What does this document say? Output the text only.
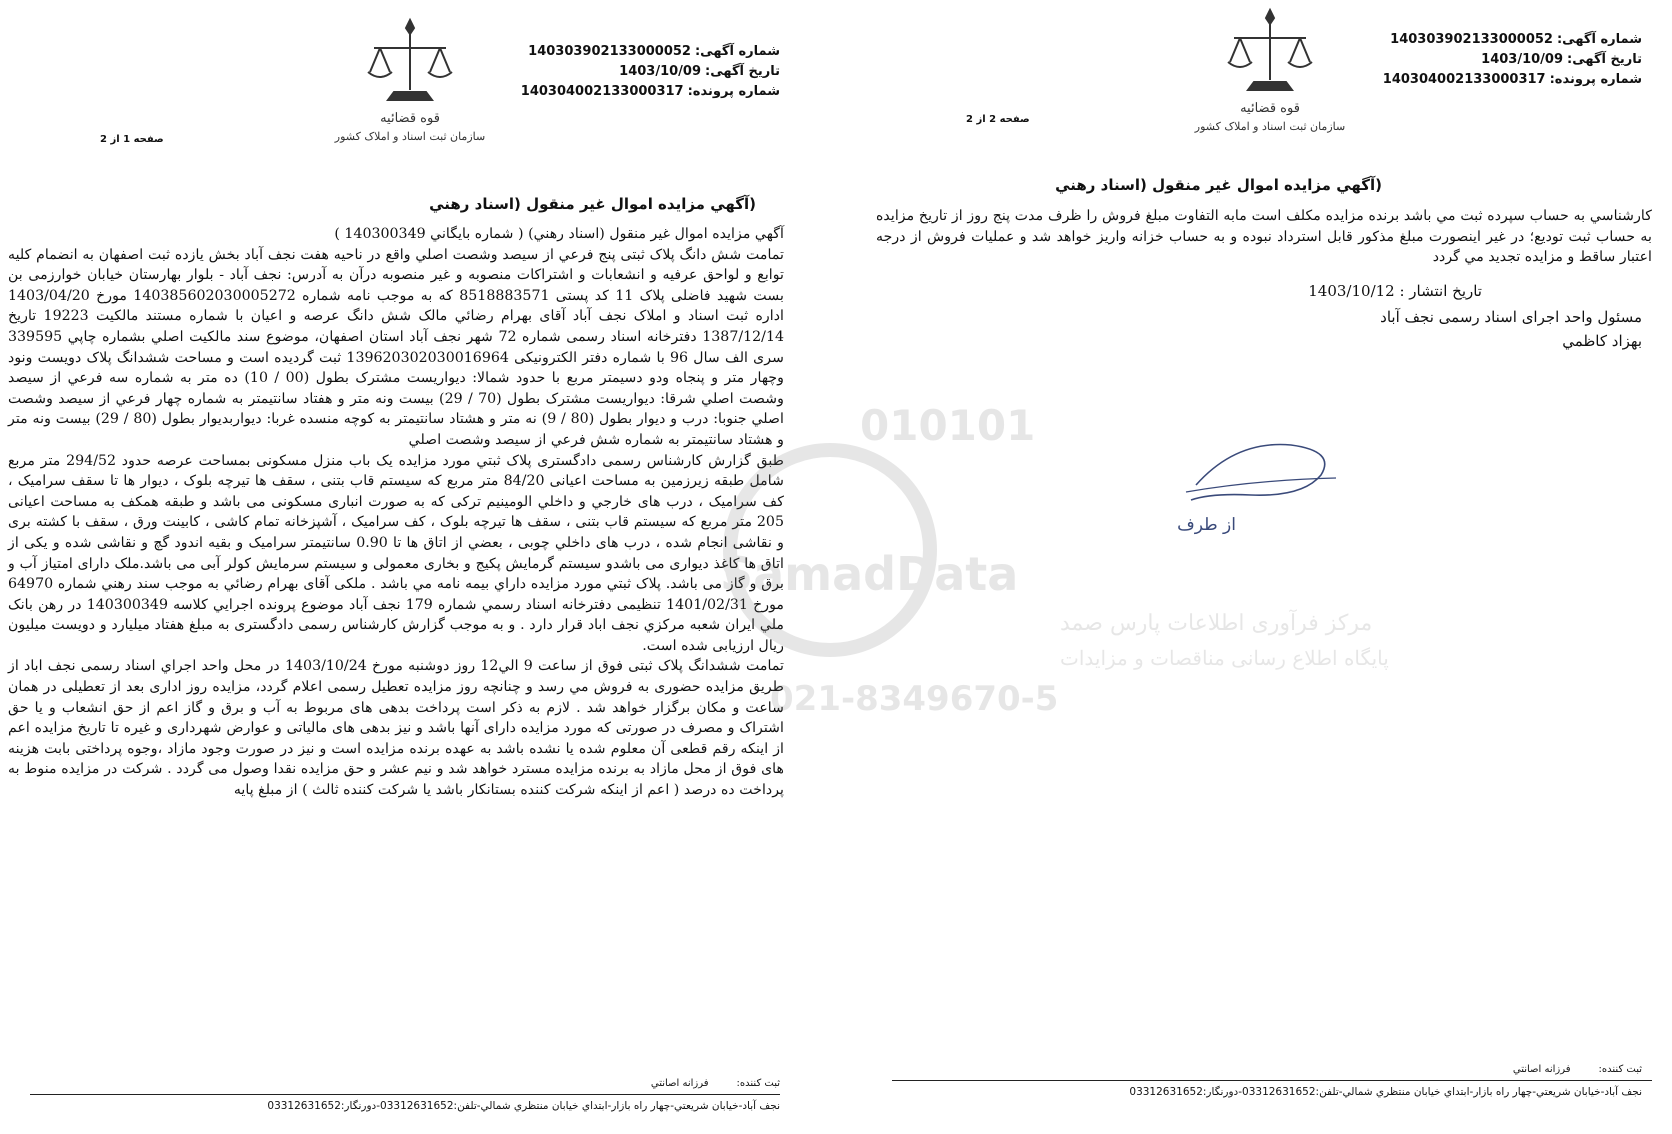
شماره آگهی:140303902133000052
تاریخ آگهی:1403/10/09
شماره پرونده:140304002133000317
قوه قضائيه
سازمان ثبت اسناد و املاک کشور
صفحه 1 از 2
(آگهي مزايده اموال غير منقول (اسناد رهني

آگهي مزايده اموال غير منقول (اسناد رهني) ( شماره بايگاني 140300349 )

تمامت شش دانگ پلاک ثبتی پنج فرعي از سيصد وشصت اصلي واقع در ناحيه هفت نجف آباد بخش يازده ثبت اصفهان به انضمام کليه توابع و لواحق عرفيه و انشعابات و اشتراکات منصوبه و غير منصوبه درآن به آدرس: نجف آباد - بلوار بهارستان خيابان خوارزمی بن بست شهيد فاضلی پلاک 11 کد پستی 8518883571 که به موجب نامه شماره 140385602030005272 مورخ 1403/04/20 اداره ثبت اسناد و املاک نجف آباد آقای بهرام رضائي مالک شش دانگ عرصه و اعيان با شماره مستند مالکيت 19223 تاريخ 1387/12/14 دفترخانه اسناد رسمی شماره 72 شهر نجف آباد استان اصفهان، موضوع سند مالکيت اصلي بشماره چاپي 339595 سری الف سال 96 با شماره دفتر الکترونيکی 139620302030016964 ثبت گرديده است و مساحت ششدانگ پلاک دويست ونود وچهار متر و پنجاه ودو دسيمتر مربع با حدود شمالا: ديواريست مشترک بطول (00 / 10) ده متر به شماره سه فرعي از سيصد وشصت اصلي شرقا: ديواريست مشترک بطول (70 / 29) بيست ونه متر و هفتاد سانتيمتر به شماره چهار فرعي از سيصد وشصت اصلي جنوبا: درب و ديوار بطول (80 / 9) نه متر و هشتاد سانتيمتر به کوچه منسده غربا: ديواربديوار بطول (80 / 29) بيست ونه متر و هشتاد سانتيمتر به شماره شش فرعي از سيصد وشصت اصلي

طبق گزارش کارشناس رسمی دادگستری پلاک ثبتي مورد مزايده يک باب منزل مسکونی بمساحت عرصه حدود 294/52 متر مربع شامل طبقه زيرزمين به مساحت اعيانی 84/20 متر مربع که سيستم قاب بتنی ، سقف ها تيرچه بلوک ، ديوار ها تا سقف سراميک ، کف سراميک ، درب های خارجي و داخلي الومينيم ترکی که به صورت انباری مسکونی می باشد و طبقه همکف به مساحت اعيانی 205 متر مربع که سيستم قاب بتنی ، سقف ها تيرچه بلوک ، کف سراميک ، آشپزخانه تمام کاشی ، کابينت ورق ، سقف با کشته بری و نقاشی انجام شده ، درب های داخلي چوبی ، بعضي از اتاق ها تا 0.90 سانتيمتر سراميک و بقيه اندود گچ و نقاشی شده و يکی از اتاق ها کاغذ ديواری می باشدو سيستم گرمايش پکيج و بخاری معمولی و سيستم سرمايش کولر آبی می باشد.ملک دارای امتياز آب و برق و گاز می باشد. پلاک ثبتي مورد مزايده داراي بيمه نامه مي باشد . ملکی آقای بهرام رضائي به موجب سند رهني شماره 64970 مورخ 1401/02/31 تنظيمی دفترخانه اسناد رسمي شماره 179 نجف آباد موضوع پرونده اجرايي کلاسه 140300349 در رهن بانک ملي ايران شعبه مرکزي نجف اباد قرار دارد . و به موجب گزارش کارشناس رسمی دادگستری به مبلغ هفتاد ميليارد و دويست ميليون ريال ارزيابی شده است.

تمامت ششدانگ پلاک ثبتی فوق از ساعت 9 الي12 روز دوشنبه مورخ 1403/10/24 در محل واحد اجراي اسناد رسمی نجف اباد از طريق مزايده حضوری به فروش مي رسد و چنانچه روز مزايده تعطيل رسمی اعلام گردد، مزايده روز اداری بعد از تعطيلی در همان ساعت و مکان برگزار خواهد شد . لازم به ذکر است پرداخت بدهی های مربوط به آب و برق و گاز اعم از حق انشعاب و يا حق اشتراک و مصرف در صورتی که مورد مزايده دارای آنها باشد و نيز بدهی های مالياتی و عوارض شهرداری و غيره تا تاريخ مزايده اعم از اينکه رقم قطعی آن معلوم شده يا نشده باشد به عهده برنده مزايده است و نيز در صورت وجود مازاد ،وجوه پرداختی بابت هزينه های فوق از محل مازاد به برنده مزايده مسترد خواهد شد و نيم عشر و حق مزايده نقدا وصول می گردد . شرکت در مزايده منوط به پرداخت ده درصد ( اعم از اينکه شرکت کننده بستانکار باشد يا شرکت کننده ثالث ) از مبلغ پايه

ثبت کننده:فرزانه اصانتي
نجف آباد-خيابان شريعتي-چهار راه بازار-ابتداي خيابان منتظري شمالي-تلفن:03312631652-دورنگار:03312631652
شماره آگهی:140303902133000052
تاریخ آگهی:1403/10/09
شماره پرونده:140304002133000317
قوه قضائيه
سازمان ثبت اسناد و املاک کشور
صفحه 2 از 2
(آگهي مزايده اموال غير منقول (اسناد رهني

کارشناسي به حساب سپرده ثبت مي باشد برنده مزايده مکلف است مابه التفاوت مبلغ فروش را ظرف مدت پنج روز از تاريخ مزايده به حساب ثبت توديع؛ در غير اينصورت مبلغ مذکور قابل استرداد نبوده و به حساب خزانه واريز خواهد شد و عمليات فروش از درجه اعتبار ساقط و مزايده تجديد مي گردد

تاريخ انتشار : 1403/10/12
مسئول واحد اجرای اسناد رسمی نجف آباد
بهزاد کاظمي
از طرف
ثبت کننده:فرزانه اصانتي
نجف آباد-خيابان شريعتي-چهار راه بازار-ابتداي خيابان منتظري شمالي-تلفن:03312631652-دورنگار:03312631652
010101
SamadData
مرکز فرآوری اطلاعات پارس صمد
پایگاه اطلاع رسانی مناقصات و مزایدات
021-8349670-5
